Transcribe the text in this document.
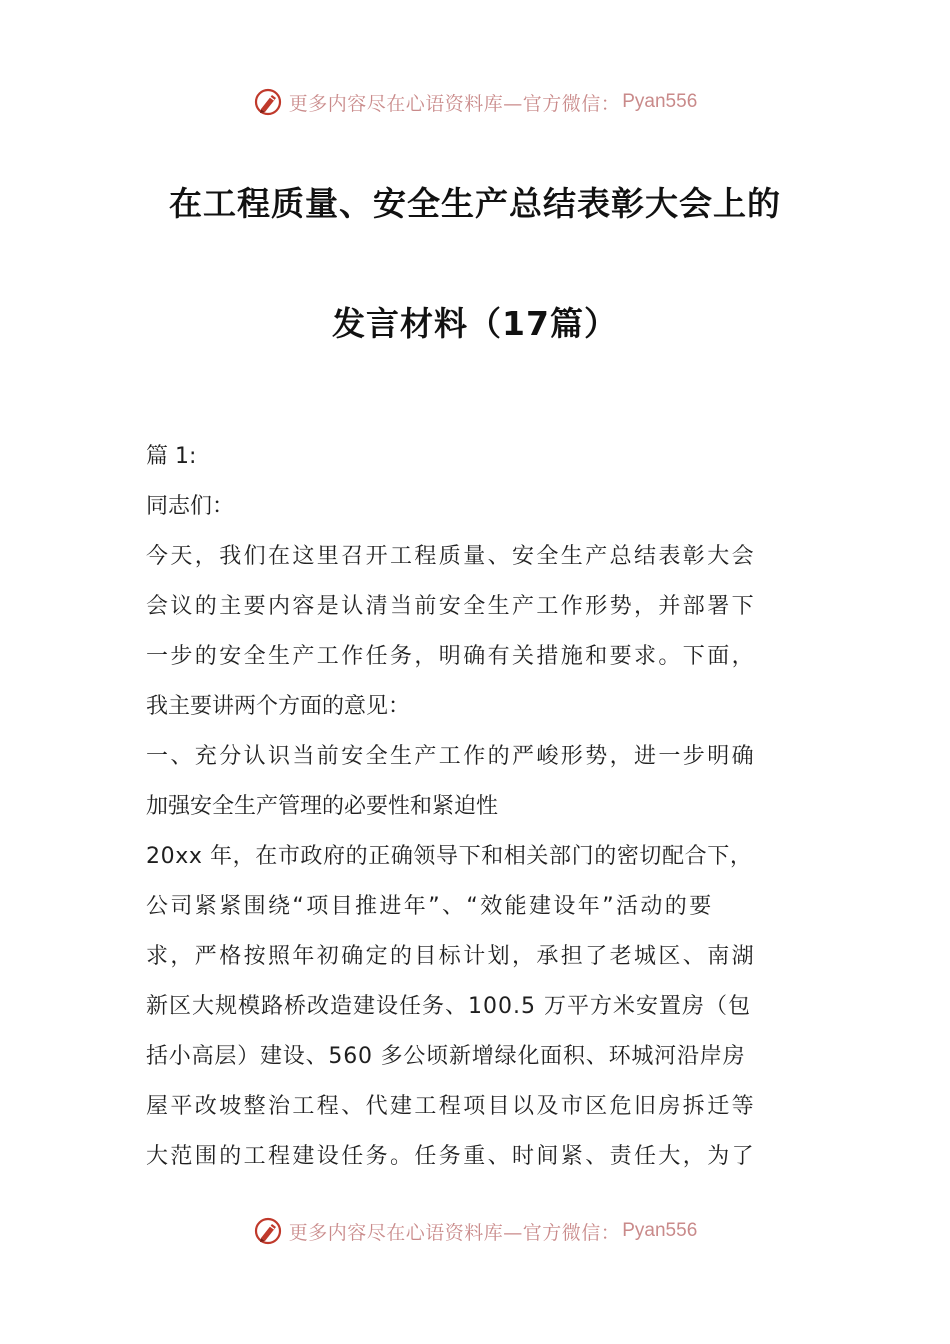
更多内容尽在心语资料库—官方微信： Pyan556
在工程质量、安全生产总结表彰大会上的
发言材料（17篇）
篇 1:
同志们：
今天，我们在这里召开工程质量、安全生产总结表彰大会
会议的主要内容是认清当前安全生产工作形势，并部署下
一步的安全生产工作任务，明确有关措施和要求。下面，
我主要讲两个方面的意见：
一、充分认识当前安全生产工作的严峻形势，进一步明确
加强安全生产管理的必要性和紧迫性
20xx 年，在市政府的正确领导下和相关部门的密切配合下，
公司紧紧围绕“项目推进年”、“效能建设年”活动的要
求，严格按照年初确定的目标计划，承担了老城区、南湖
新区大规模路桥改造建设任务、100.5 万平方米安置房（包
括小高层）建设、560 多公顷新增绿化面积、环城河沿岸房
屋平改坡整治工程、代建工程项目以及市区危旧房拆迁等
大范围的工程建设任务。任务重、时间紧、责任大，为了
更多内容尽在心语资料库—官方微信： Pyan556
